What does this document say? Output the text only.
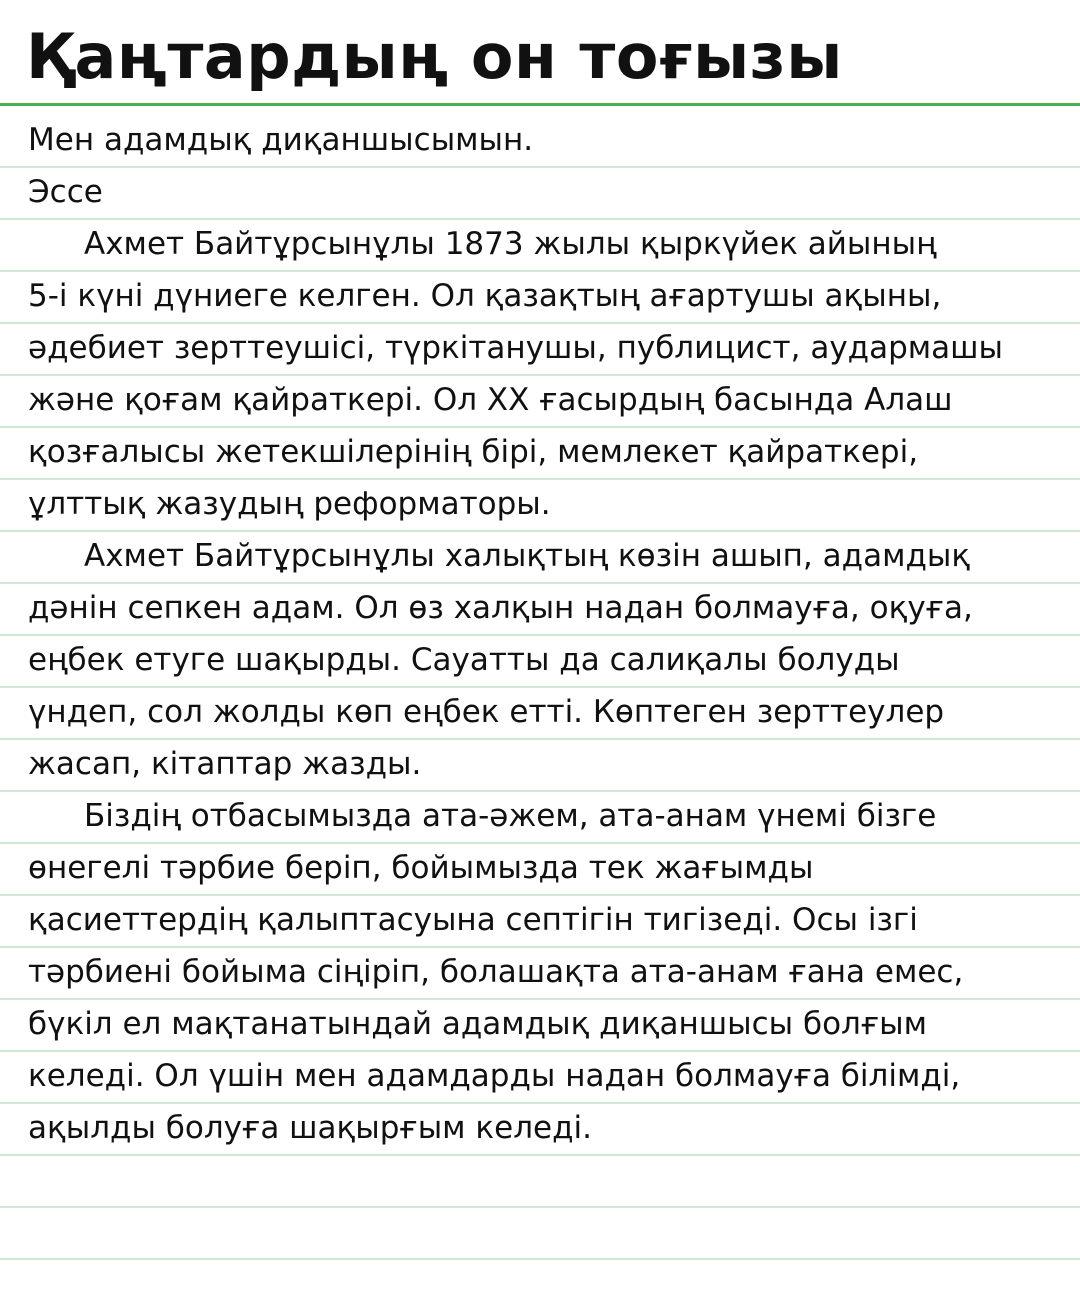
Қаңтардың он тоғызы
Мен адамдық диқаншысымын.
Эссе
Ахмет Байтұрсынұлы 1873 жылы қыркүйек айының
5-і күні дүниеге келген. Ол қазақтың ағартушы ақыны,
әдебиет зерттеушісі, түркітанушы, публицист, аудармашы
және қоғам қайраткері. Ол XX ғасырдың басында Алаш
қозғалысы жетекшілерінің бірі, мемлекет қайраткері,
ұлттық жазудың реформаторы.
Ахмет Байтұрсынұлы халықтың көзін ашып, адамдық
дәнін сепкен адам. Ол өз халқын надан болмауға, оқуға,
еңбек етуге шақырды. Сауатты да салиқалы болуды
үндеп, сол жолды көп еңбек етті. Көптеген зерттеулер
жасап, кітаптар жазды.
Біздің отбасымызда ата-әжем, ата-анам үнемі бізге
өнегелі тәрбие беріп, бойымызда тек жағымды
қасиеттердің қалыптасуына септігін тигізеді. Осы ізгі
тәрбиені бойыма сіңіріп, болашақта ата-анам ғана емес,
бүкіл ел мақтанатындай адамдық диқаншысы болғым
келеді. Ол үшін мен адамдарды надан болмауға білімді,
ақылды болуға шақырғым келеді.
